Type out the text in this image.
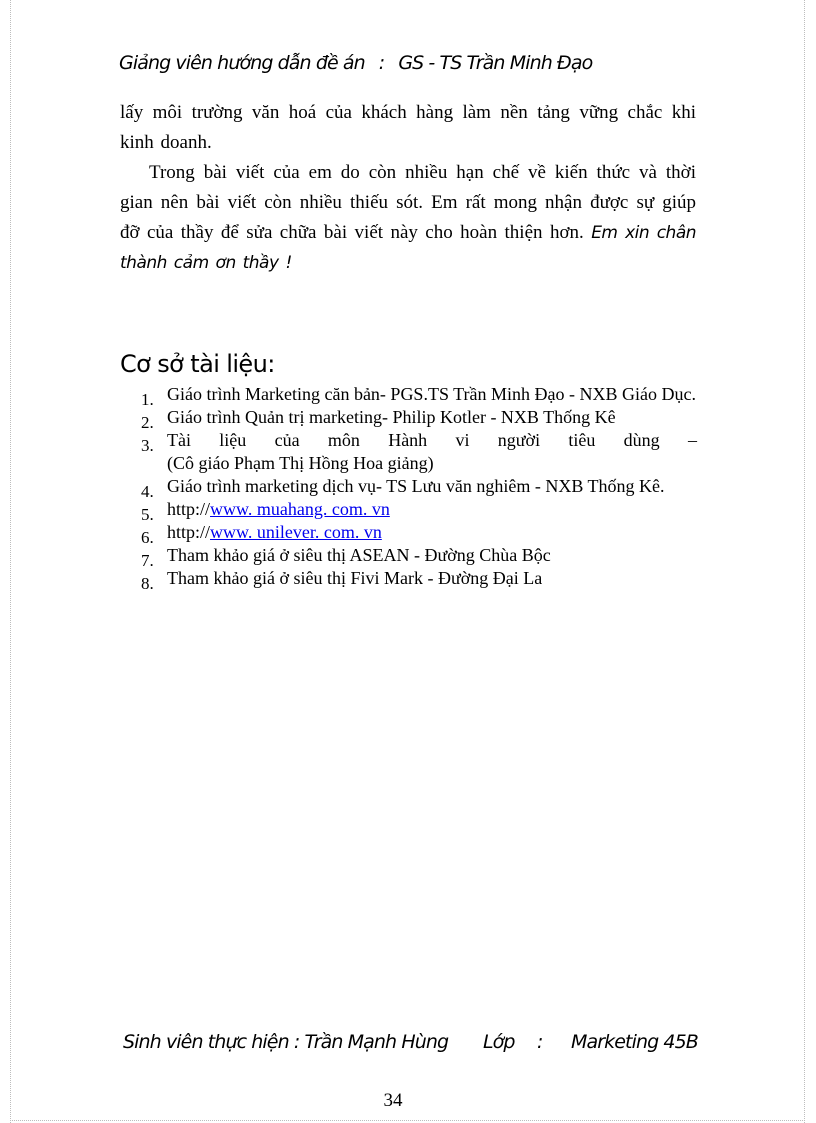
Giảng viên hướng dẫn đề án : GS - TS Trần Minh Đạo

lấy môi trường văn hoá của khách hàng làm nền tảng vững chắc khi kinh doanh.

Trong bài viết của em do còn nhiều hạn chế về kiến thức và thời gian nên bài viết còn nhiều thiếu sót. Em rất mong nhận được sự giúp đỡ của thầy để sửa chữa bài viết này cho hoàn thiện hơn. Em xin chân thành cảm ơn thầy !

Cơ sở tài liệu:
1. Giáo trình Marketing căn bản- PGS.TS Trần Minh Đạo - NXB Giáo Dục.
2. Giáo trình Quản trị marketing- Philip Kotler - NXB Thống Kê
3. Tài liệu của môn Hành vi người tiêu dùng –
(Cô giáo Phạm Thị Hồng Hoa giảng)
4. Giáo trình marketing dịch vụ- TS Lưu văn nghiêm - NXB Thống Kê.
5. http://www. muahang. com. vn
6. http://www. unilever. com. vn
7. Tham khảo giá ở siêu thị ASEAN - Đường Chùa Bộc
8. Tham khảo giá ở siêu thị Fivi Mark - Đường Đại La
Sinh viên thực hiện : Trần Mạnh Hùng Lớp : Marketing 45B
34
